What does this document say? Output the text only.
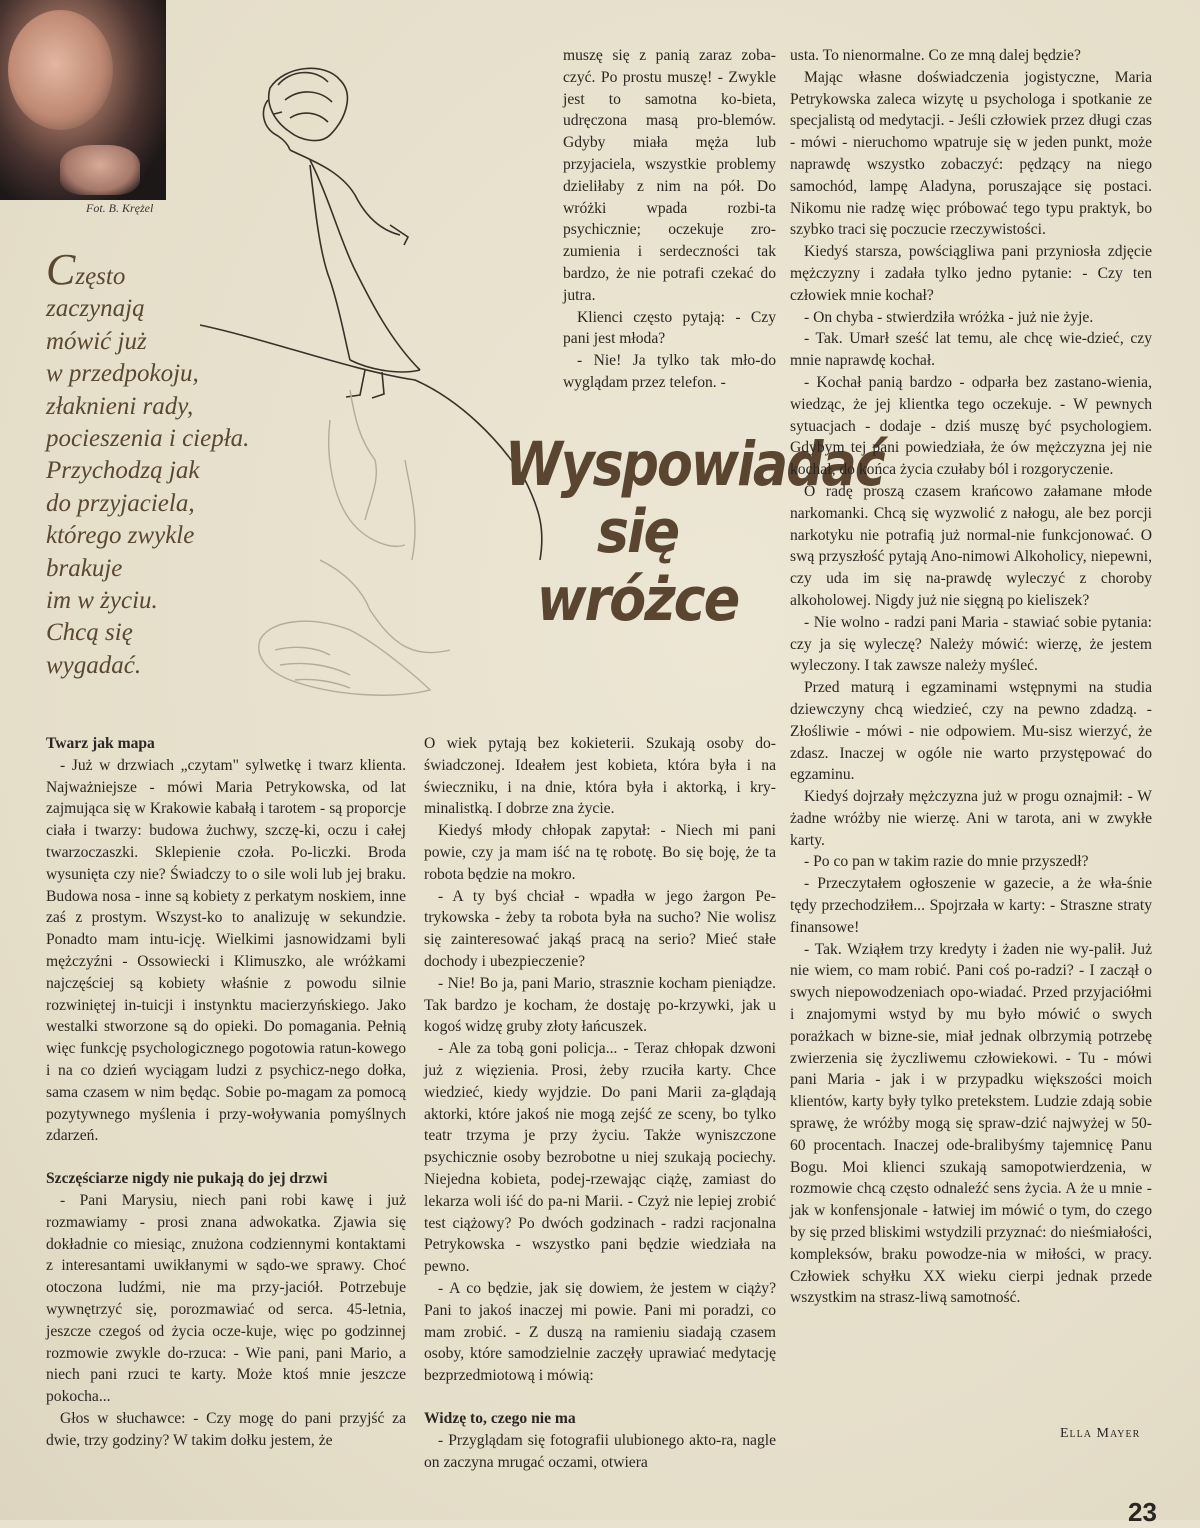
Fot. B. Krężel
Często
zaczynają
mówić już
w przedpokoju,
złaknieni rady,
pocieszenia i ciepła.
Przychodzą jak
do przyjaciela,
którego zwykle
brakuje
im w życiu.
Chcą się
wygadać.
Wyspowiadać
się
wróżce

muszę się z panią zaraz zoba-czyć. Po prostu muszę! - Zwykle jest to samotna ko-bieta, udręczona masą pro-blemów. Gdyby miała męża lub przyjaciela, wszystkie problemy dzieliłaby z nim na pół. Do wróżki wpada rozbi-ta psychicznie; oczekuje zro-zumienia i serdeczności tak bardzo, że nie potrafi czekać do jutra.

Klienci często pytają: - Czy pani jest młoda?

- Nie! Ja tylko tak mło-do wyglądam przez telefon. -

usta. To nienormalne. Co ze mną dalej będzie?

Mając własne doświadczenia jogistyczne, Maria Petrykowska zaleca wizytę u psychologa i spotkanie ze specjalistą od medytacji. - Jeśli człowiek przez długi czas - mówi - nieruchomo wpatruje się w jeden punkt, może naprawdę wszystko zobaczyć: pędzący na niego samochód, lampę Aladyna, poruszające się postaci. Nikomu nie radzę więc próbować tego typu praktyk, bo szybko traci się poczucie rzeczywistości.

Kiedyś starsza, powściągliwa pani przyniosła zdjęcie mężczyzny i zadała tylko jedno pytanie: - Czy ten człowiek mnie kochał?

- On chyba - stwierdziła wróżka - już nie żyje.

- Tak. Umarł sześć lat temu, ale chcę wie-dzieć, czy mnie naprawdę kochał.

- Kochał panią bardzo - odparła bez zastano-wienia, wiedząc, że jej klientka tego oczekuje. - W pewnych sytuacjach - dodaje - dziś muszę być psychologiem. Gdybym tej pani powiedziała, że ów mężczyzna jej nie kochał, do końca życia czułaby ból i rozgoryczenie.

O radę proszą czasem krańcowo załamane młode narkomanki. Chcą się wyzwolić z nałogu, ale bez porcji narkotyku nie potrafią już normal-nie funkcjonować. O swą przyszłość pytają Ano-nimowi Alkoholicy, niepewni, czy uda im się na-prawdę wyleczyć z choroby alkoholowej. Nigdy już nie sięgną po kieliszek?

- Nie wolno - radzi pani Maria - stawiać sobie pytania: czy ja się wyleczę? Należy mówić: wierzę, że jestem wyleczony. I tak zawsze należy myśleć.

Przed maturą i egzaminami wstępnymi na studia dziewczyny chcą wiedzieć, czy na pewno zdadzą. - Złośliwie - mówi - nie odpowiem. Mu-sisz wierzyć, że zdasz. Inaczej w ogóle nie warto przystępować do egzaminu.

Kiedyś dojrzały mężczyzna już w progu oznajmił: - W żadne wróżby nie wierzę. Ani w tarota, ani w zwykłe karty.

- Po co pan w takim razie do mnie przyszedł?

- Przeczytałem ogłoszenie w gazecie, a że wła-śnie tędy przechodziłem... Spojrzała w karty: - Straszne straty finansowe!

- Tak. Wziąłem trzy kredyty i żaden nie wy-palił. Już nie wiem, co mam robić. Pani coś po-radzi? - I zaczął o swych niepowodzeniach opo-wiadać. Przed przyjaciółmi i znajomymi wstyd by mu było mówić o swych porażkach w bizne-sie, miał jednak olbrzymią potrzebę zwierzenia się życzliwemu człowiekowi. - Tu - mówi pani Maria - jak i w przypadku większości moich klientów, karty były tylko pretekstem. Ludzie zdają sobie sprawę, że wróżby mogą się spraw-dzić najwyżej w 50-60 procentach. Inaczej ode-bralibyśmy tajemnicę Panu Bogu. Moi klienci szukają samopotwierdzenia, w rozmowie chcą często odnaleźć sens życia. A że u mnie - jak w konfensjonale - łatwiej im mówić o tym, do czego by się przed bliskimi wstydzili przyznać: do nieśmiałości, kompleksów, braku powodze-nia w miłości, w pracy. Człowiek schyłku XX wieku cierpi jednak przede wszystkim na strasz-liwą samotność.

Twarz jak mapa

- Już w drzwiach „czytam" sylwetkę i twarz klienta. Najważniejsze - mówi Maria Petrykowska, od lat zajmująca się w Krakowie kabałą i tarotem - są proporcje ciała i twarzy: budowa żuchwy, szczę-ki, oczu i całej twarzoczaszki. Sklepienie czoła. Po-liczki. Broda wysunięta czy nie? Świadczy to o sile woli lub jej braku. Budowa nosa - inne są kobiety z perkatym noskiem, inne zaś z prostym. Wszyst-ko to analizuję w sekundzie. Ponadto mam intu-icję. Wielkimi jasnowidzami byli mężczyźni - Ossowiecki i Klimuszko, ale wróżkami najczęściej są kobiety właśnie z powodu silnie rozwiniętej in-tuicji i instynktu macierzyńskiego. Jako westalki stworzone są do opieki. Do pomagania. Pełnią więc funkcję psychologicznego pogotowia ratun-kowego i na co dzień wyciągam ludzi z psychicz-nego dołka, sama czasem w nim będąc. Sobie po-magam za pomocą pozytywnego myślenia i przy-woływania pomyślnych zdarzeń.

Szczęściarze nigdy nie pukają do jej drzwi

- Pani Marysiu, niech pani robi kawę i już rozmawiamy - prosi znana adwokatka. Zjawia się dokładnie co miesiąc, znużona codziennymi kontaktami z interesantami uwikłanymi w sądo-we sprawy. Choć otoczona ludźmi, nie ma przy-jaciół. Potrzebuje wywnętrzyć się, porozmawiać od serca. 45-letnia, jeszcze czegoś od życia ocze-kuje, więc po godzinnej rozmowie zwykle do-rzuca: - Wie pani, pani Mario, a niech pani rzuci te karty. Może ktoś mnie jeszcze pokocha...

Głos w słuchawce: - Czy mogę do pani przyjść za dwie, trzy godziny? W takim dołku jestem, że

O wiek pytają bez kokieterii. Szukają osoby do-świadczonej. Ideałem jest kobieta, która była i na świeczniku, i na dnie, która była i aktorką, i kry-minalistką. I dobrze zna życie.

Kiedyś młody chłopak zapytał: - Niech mi pani powie, czy ja mam iść na tę robotę. Bo się boję, że ta robota będzie na mokro.

- A ty byś chciał - wpadła w jego żargon Pe-trykowska - żeby ta robota była na sucho? Nie wolisz się zainteresować jakąś pracą na serio? Mieć stałe dochody i ubezpieczenie?

- Nie! Bo ja, pani Mario, strasznie kocham pieniądze. Tak bardzo je kocham, że dostaję po-krzywki, jak u kogoś widzę gruby złoty łańcuszek.

- Ale za tobą goni policja... - Teraz chłopak dzwoni już z więzienia. Prosi, żeby rzuciła karty. Chce wiedzieć, kiedy wyjdzie. Do pani Marii za-glądają aktorki, które jakoś nie mogą zejść ze sceny, bo tylko teatr trzyma je przy życiu. Także wyniszczone psychicznie osoby bezrobotne u niej szukają pociechy. Niejedna kobieta, podej-rzewając ciążę, zamiast do lekarza woli iść do pa-ni Marii. - Czyż nie lepiej zrobić test ciążowy? Po dwóch godzinach - radzi racjonalna Petrykowska - wszystko pani będzie wiedziała na pewno.

- A co będzie, jak się dowiem, że jestem w ciąży? Pani to jakoś inaczej mi powie. Pani mi poradzi, co mam zrobić. - Z duszą na ramieniu siadają czasem osoby, które samodzielnie zaczęły uprawiać medytację bezprzedmiotową i mówią:

Widzę to, czego nie ma

- Przyglądam się fotografii ulubionego akto-ra, nagle on zaczyna mrugać oczami, otwiera

Ella Mayer
23
